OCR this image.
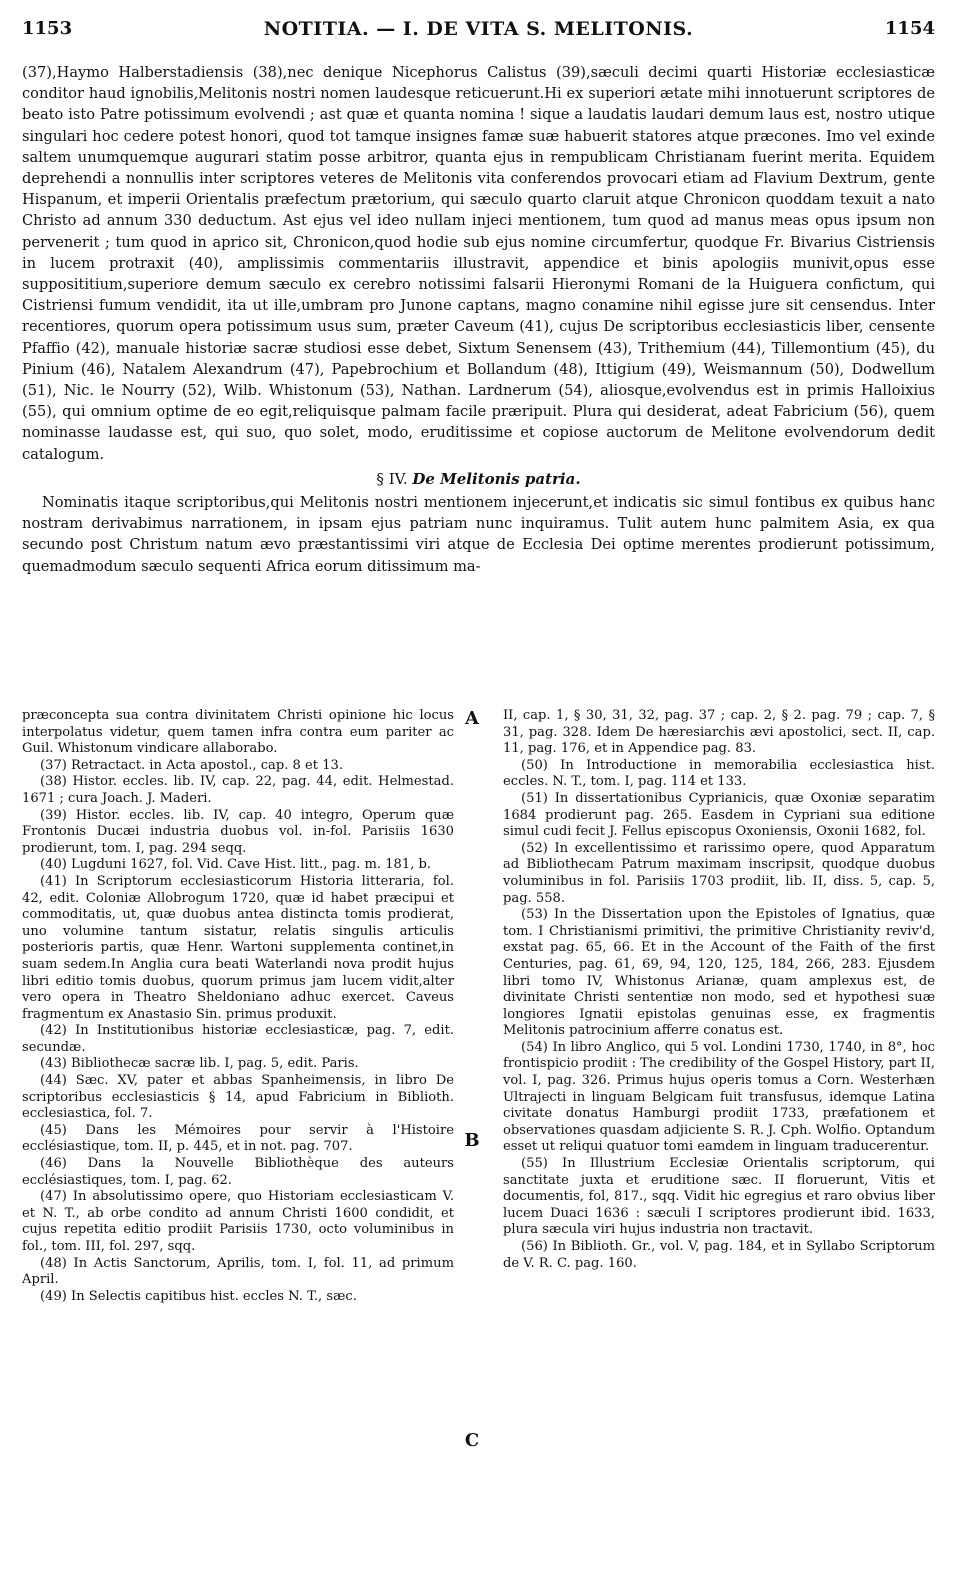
1153	NOTITIA. — I. DE VITA S. MELITONIS.	1154

(37),Haymo Halberstadiensis (38),nec denique Nicephorus Calistus (39),sæculi decimi quarti Historiæ ecclesiasticæ conditor haud ignobilis,Melitonis nostri nomen laudesque reticuerunt.Hi ex superiori ætate mihi innotuerunt scriptores de beato isto Patre potissimum evolvendi ; ast quæ et quanta nomina ! sique a laudatis laudari demum laus est, nostro utique singulari hoc cedere potest honori, quod tot tamque insignes famæ suæ habuerit statores atque præcones. Imo vel exinde saltem unumquemque augurari statim posse arbitror, quanta ejus in rempublicam Christianam fuerint merita. Equidem deprehendi a nonnullis inter scriptores veteres de Melitonis vita conferendos provocari etiam ad Flavium Dextrum, gente Hispanum, et imperii Orientalis præfectum prætorium, qui sæculo quarto claruit atque Chronicon quoddam texuit a nato Christo ad annum 330 deductum. Ast ejus vel ideo nullam injeci mentionem, tum quod ad manus meas opus ipsum non pervenerit ; tum quod in aprico sit, Chronicon,quod hodie sub ejus nomine circumfertur, quodque Fr. Bivarius Cistriensis in lucem protraxit (40), amplissimis commentariis illustravit, appendice et binis apologiis munivit,opus esse supposititium,superiore demum sæculo ex cerebro notissimi falsarii Hieronymi Romani de la Huiguera confictum, qui Cistriensi fumum vendidit, ita ut ille,umbram pro Junone captans, magno conamine nihil egisse jure sit censendus. Inter recentiores, quorum opera potissimum usus sum, præter Caveum (41), cujus De scriptoribus ecclesiasticis liber, censente Pfaffio (42), manuale historiæ sacræ studiosi esse debet, Sixtum Senensem (43), Trithemium (44), Tillemontium (45), du Pinium (46), Natalem Alexandrum (47), Papebrochium et Bollandum (48), Ittigium (49), Weismannum (50), Dodwellum (51), Nic. le Nourry (52), Wilb. Whistonum (53), Nathan. Lardnerum (54), aliosque,evolvendus est in primis Halloixius (55), qui omnium optime de eo egit,reliquisque palmam facile præripuit. Plura qui desiderat, adeat Fabricium (56), quem nominasse laudasse est, qui suo, quo solet, modo, eruditissime et copiose auctorum de Melitone evolvendorum dedit catalogum.

§ IV. De Melitonis patria.

Nominatis itaque scriptoribus,qui Melitonis nostri mentionem injecerunt,et indicatis sic simul fontibus ex quibus hanc nostram derivabimus narrationem, in ipsam ejus patriam nunc inquiramus. Tulit autem hunc palmitem Asia, ex qua secundo post Christum natum ævo præstantissimi viri atque de Ecclesia Dei optime merentes prodierunt potissimum, quemadmodum sæculo sequenti Africa eorum ditissimum ma-

A
B
C

præconcepta sua contra divinitatem Christi opinione hic locus interpolatus videtur, quem tamen infra contra eum pariter ac Guil. Whistonum vindicare allaborabo.

(37) Retractact. in Acta apostol., cap. 8 et 13.

(38) Histor. eccles. lib. IV, cap. 22, pag. 44, edit. Helmestad. 1671 ; cura Joach. J. Maderi.

(39) Histor. eccles. lib. IV, cap. 40 integro, Operum quæ Frontonis Ducæi industria duobus vol. in-fol. Parisiis 1630 prodierunt, tom. I, pag. 294 seqq.

(40) Lugduni 1627, fol. Vid. Cave Hist. litt., pag. m. 181, b.

(41) In Scriptorum ecclesiasticorum Historia litteraria, fol. 42, edit. Coloniæ Allobrogum 1720, quæ id habet præcipui et commoditatis, ut, quæ duobus antea distincta tomis prodierat, uno volumine tantum sistatur, relatis singulis articulis posterioris partis, quæ Henr. Wartoni supplementa continet,in suam sedem.In Anglia cura beati Waterlandi nova prodit hujus libri editio tomis duobus, quorum primus jam lucem vidit,alter vero opera in Theatro Sheldoniano adhuc exercet. Caveus fragmentum ex Anastasio Sin. primus produxit.

(42) In Institutionibus historiæ ecclesiasticæ, pag. 7, edit. secundæ.

(43) Bibliothecæ sacræ lib. I, pag. 5, edit. Paris.

(44) Sæc. XV, pater et abbas Spanheimensis, in libro De scriptoribus ecclesiasticis § 14, apud Fabricium in Biblioth. ecclesiastica, fol. 7.

(45) Dans les Mémoires pour servir à l'Histoire ecclésiastique, tom. II, p. 445, et in not. pag. 707.

(46) Dans la Nouvelle Bibliothèque des auteurs ecclésiastiques, tom. I, pag. 62.

(47) In absolutissimo opere, quo Historiam ecclesiasticam V. et N. T., ab orbe condito ad annum Christi 1600 condidit, et cujus repetita editio prodiit Parisiis 1730, octo voluminibus in fol., tom. III, fol. 297, sqq.

(48) In Actis Sanctorum, Aprilis, tom. I, fol. 11, ad primum April.

(49) In Selectis capitibus hist. eccles N. T., sæc.

II, cap. 1, § 30, 31, 32, pag. 37 ; cap. 2, § 2. pag. 79 ; cap. 7, § 31, pag. 328. Idem De hæresiarchis ævi apostolici, sect. II, cap. 11, pag. 176, et in Appendice pag. 83.

(50) In Introductione in memorabilia ecclesiastica hist. eccles. N. T., tom. I, pag. 114 et 133.

(51) In dissertationibus Cyprianicis, quæ Oxoniæ separatim 1684 prodierunt pag. 265. Easdem in Cypriani sua editione simul cudi fecit J. Fellus episcopus Oxoniensis, Oxonii 1682, fol.

(52) In excellentissimo et rarissimo opere, quod Apparatum ad Bibliothecam Patrum maximam inscripsit, quodque duobus voluminibus in fol. Parisiis 1703 prodiit, lib. II, diss. 5, cap. 5, pag. 558.

(53) In the Dissertation upon the Epistoles of Ignatius, quæ tom. I Christianismi primitivi, the primitive Christianity reviv'd, exstat pag. 65, 66. Et in the Account of the Faith of the first Centuries, pag. 61, 69, 94, 120, 125, 184, 266, 283. Ejusdem libri tomo IV, Whistonus Arianæ, quam amplexus est, de divinitate Christi sententiæ non modo, sed et hypothesi suæ longiores Ignatii epistolas genuinas esse, ex fragmentis Melitonis patrocinium afferre conatus est.

(54) In libro Anglico, qui 5 vol. Londini 1730, 1740, in 8°, hoc frontispicio prodiit : The credibility of the Gospel History, part II, vol. I, pag. 326. Primus hujus operis tomus a Corn. Westerhæn Ultrajecti in linguam Belgicam fuit transfusus, idemque Latina civitate donatus Hamburgi prodiit 1733, præfationem et observationes quasdam adjiciente S. R. J. Cph. Wolfio. Optandum esset ut reliqui quatuor tomi eamdem in linguam traducerentur.

(55) In Illustrium Ecclesiæ Orientalis scriptorum, qui sanctitate juxta et eruditione sæc. II floruerunt, Vitis et documentis, fol, 817., sqq. Vidit hic egregius et raro obvius liber lucem Duaci 1636 : sæculi I scriptores prodierunt ibid. 1633, plura sæcula viri hujus industria non tractavit.

(56) In Biblioth. Gr., vol. V, pag. 184, et in Syllabo Scriptorum de V. R. C. pag. 160.
